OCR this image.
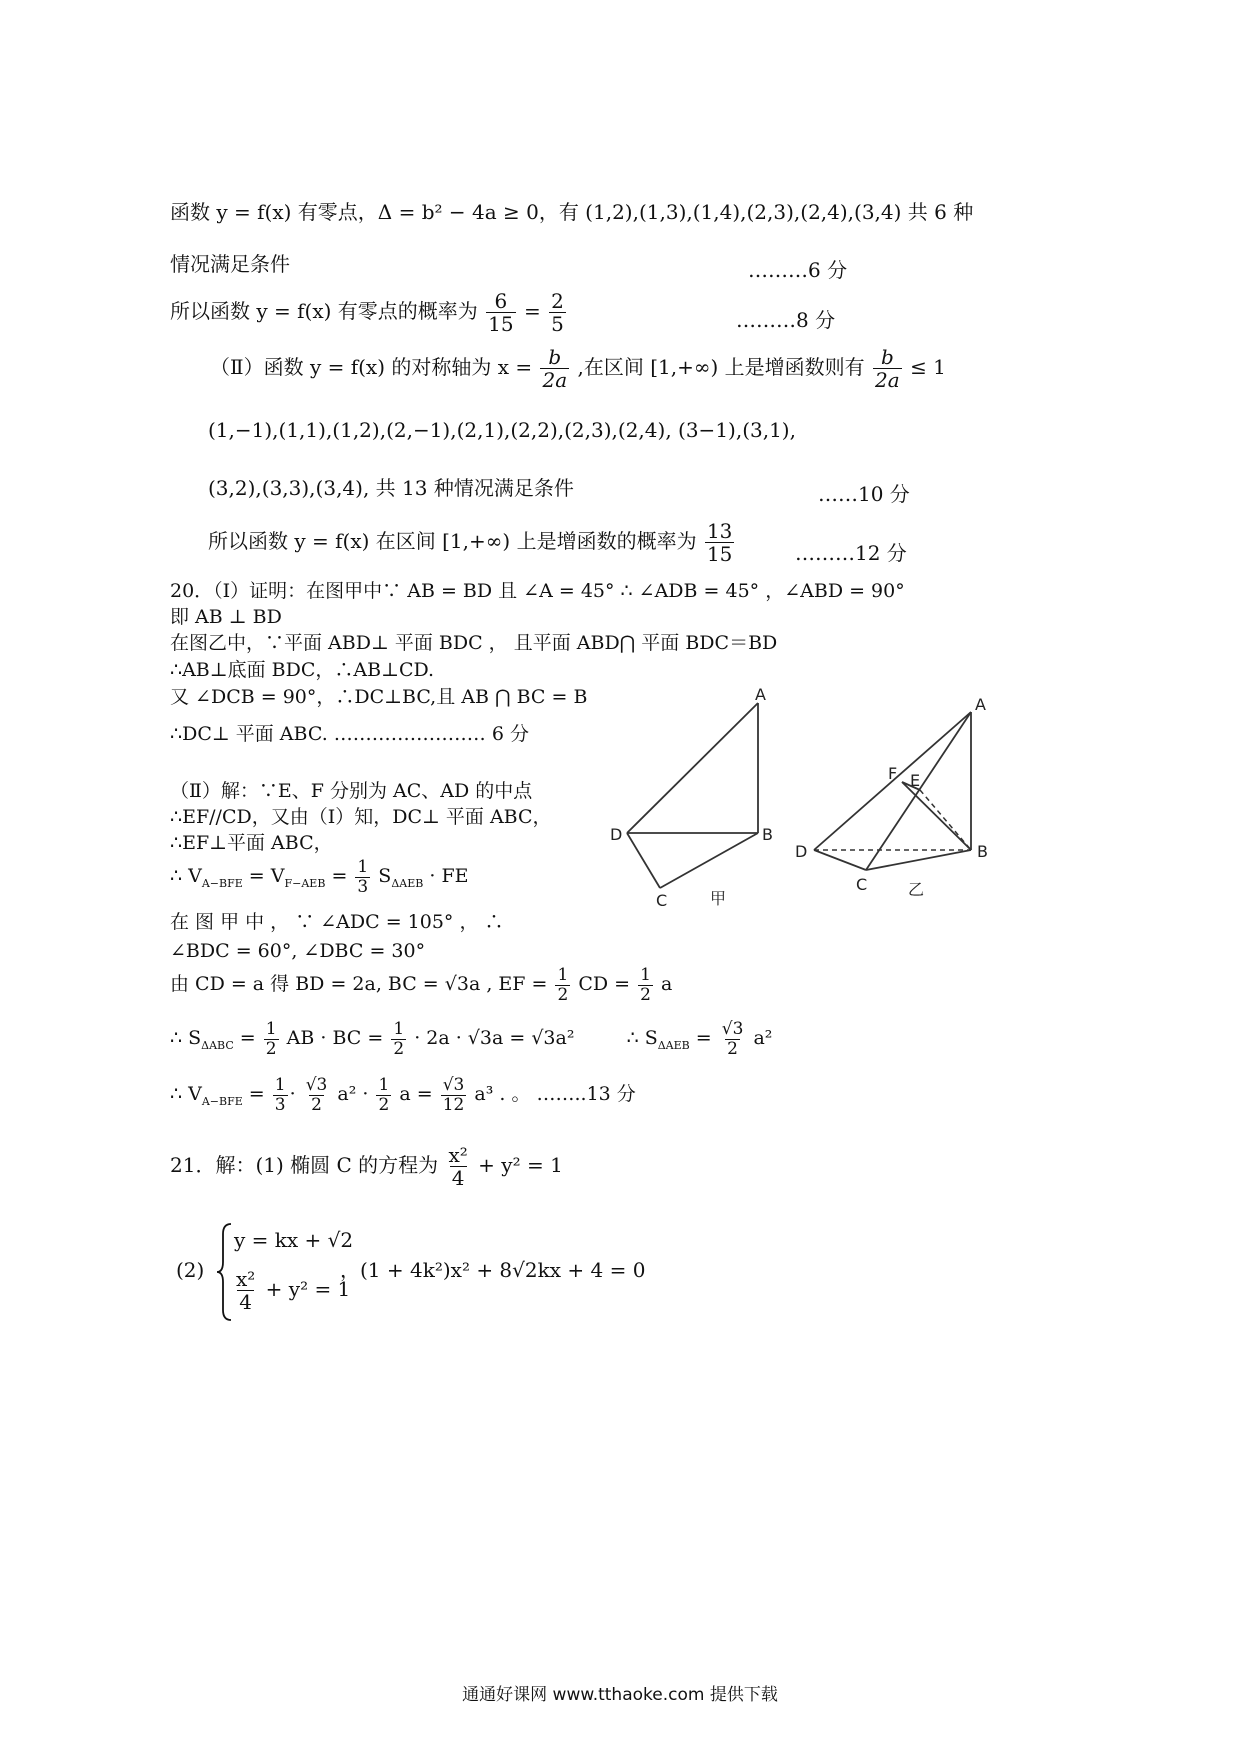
函数 y = f(x) 有零点，Δ = b² − 4a ≥ 0，有 (1,2),(1,3),(1,4),(2,3),(2,4),(3,4) 共 6 种
情况满足条件	………6 分
所以函数 y = f(x) 有零点的概率为 $\frac{6}{15} = \frac{2}{5}$	………8 分
（Ⅱ）函数 y = f(x) 的对称轴为 $x = \frac{b}{2a}$ ,在区间 [1,+∞) 上是增函数则有 $\frac{b}{2a} \le 1$
(1,−1),(1,1),(1,2),(2,−1),(2,1),(2,2),(2,3),(2,4), (3−1),(3,1),
(3,2),(3,3),(3,4), 共 13 种情况满足条件	……10 分
所以函数 y = f(x) 在区间 [1,+∞) 上是增函数的概率为 $\frac{13}{15}$	………12 分
20．（Ⅰ）证明：在图甲中∵ AB = BD 且 ∠A = 45° ∴ ∠ADB = 45° ，∠ABD = 90°
即 AB ⊥ BD
在图乙中，∵平面 ABD⊥ 平面 BDC ， 且平面 ABD⋂ 平面 BDC＝BD
∴AB⊥底面 BDC，∴AB⊥CD.
又 ∠DCB = 90°，∴DC⊥BC,且 AB ⋂ BC = B
∴DC⊥ 平面 ABC. …………………… 6 分
（Ⅱ）解：∵E、F 分别为 AC、AD 的中点
∴EF//CD，又由（Ⅰ）知，DC⊥ 平面 ABC，
∴EF⊥平面 ABC，
∴ $V_{A-BFE} = V_{F-AEB} = \frac{1}{3} S_{\Delta AEB}$ · FE
在 图 甲 中 ， ∵ ∠ADC = 105° ， ∴
∠BDC = 60°, ∠DBC = 30°
由 CD = a 得 BD = 2a, BC = √3a , EF = $\frac{1}{2}$ CD = $\frac{1}{2}$ a
∴ $S_{\Delta ABC} = \frac{1}{2}$ AB · BC = $\frac{1}{2} \cdot 2a \cdot √3a = √3a^2$	∴ $S_{\Delta AEB} = \frac{√3}{2} a^2$
∴ $V_{A-BFE} = \frac{1}{3} \cdot \frac{√3}{2} a^2 \cdot \frac{1}{2}$ $a = \frac{√3}{12} a^3$ . 。 ……..13 分
21．解：(1) 椭圆 C 的方程为 $\frac{\text{x²}}{4} + y^2 = 1$
(2)
y = kx + √2
$\frac{\text{x²}}{4} + y^2 = 1$
，(1 + 4k²)x² + 8√2kx + 4 = 0
A
B
C
D
甲
A
B
C
D
E
F
乙
通通好课网 www.tthaoke.com 提供下载
